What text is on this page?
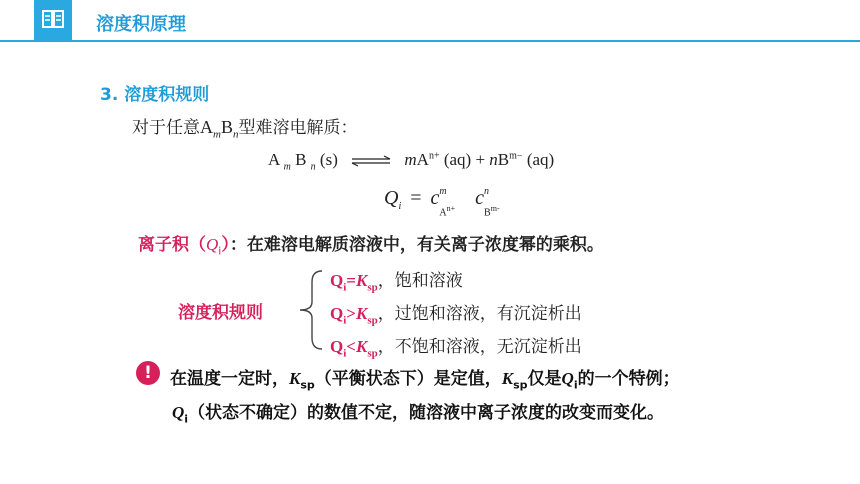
溶度积原理
3. 溶度积规则
对于任意$A_mB_n$型难溶电解质：
A $_m$ B $_n$ (s) ⇌ $mA^{n+}$ $(aq) + nB^{m-}$ (aq)
$Q_i = c$ m
$A^{n+}$ c n
$B^{m-}$
离子积$(Q_i)$：在难溶电解质溶液中，有关离子浓度幂的乘积。
溶度积规则
$Q_i=K_{sp}$，饱和溶液
$Q_i>K_{sp}$，过饱和溶液，有沉淀析出
$Q_i<K_{sp}$，不饱和溶液，无沉淀析出
!	在温度一定时，$K_{sp}$（平衡状态下）是定值，$K_{sp}$仅是$Q_i$的一个特例；
$Q_i$（状态不确定）的数值不定，随溶液中离子浓度的改变而变化。
